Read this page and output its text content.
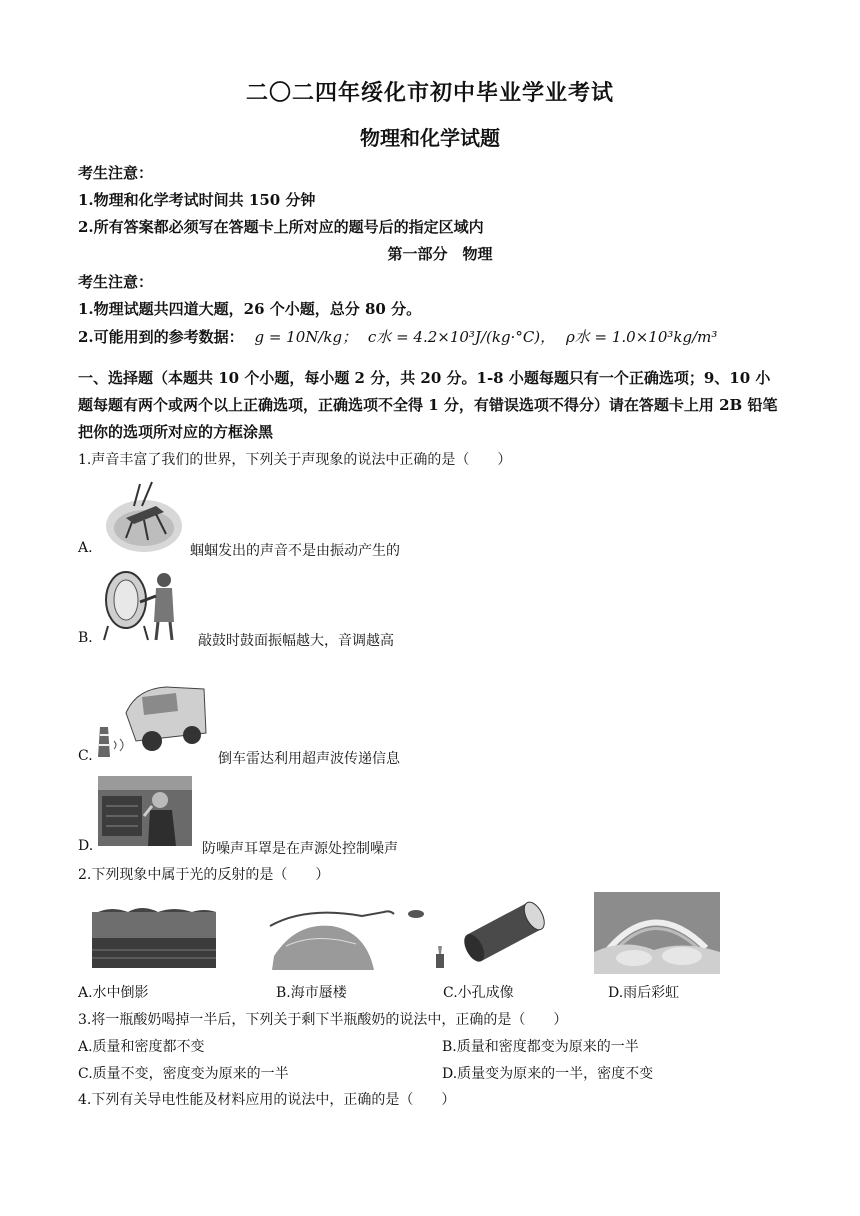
二〇二四年绥化市初中毕业学业考试
物理和化学试题
考生注意：
1.物理和化学考试时间共 150 分钟
2.所有答案都必须写在答题卡上所对应的题号后的指定区域内
第一部分　物理
考生注意：
1.物理试题共四道大题，26 个小题，总分 80 分。
2.可能用到的参考数据： g = 10N/kg； c水 = 4.2×10³J/(kg·°C)， ρ水 = 1.0×10³kg/m³
一、选择题（本题共 10 个小题，每小题 2 分，共 20 分。1-8 小题每题只有一个正确选项；9、10 小题每题有两个或两个以上正确选项，正确选项不全得 1 分，有错误选项不得分）请在答题卡上用 2B 铅笔把你的选项所对应的方框涂黑
1.声音丰富了我们的世界，下列关于声现象的说法中正确的是（　　）
A.	蝈蝈发出的声音不是由振动产生的
B.	敲鼓时鼓面振幅越大，音调越高
C.	倒车雷达利用超声波传递信息
D.	防噪声耳罩是在声源处控制噪声
2.下列现象中属于光的反射的是（　　）
A.水中倒影	B.海市蜃楼	C.小孔成像	D.雨后彩虹
3.将一瓶酸奶喝掉一半后，下列关于剩下半瓶酸奶的说法中，正确的是（　　）
A.质量和密度都不变	B.质量和密度都变为原来的一半
C.质量不变，密度变为原来的一半	D.质量变为原来的一半，密度不变
4.下列有关导电性能及材料应用的说法中，正确的是（　　）
